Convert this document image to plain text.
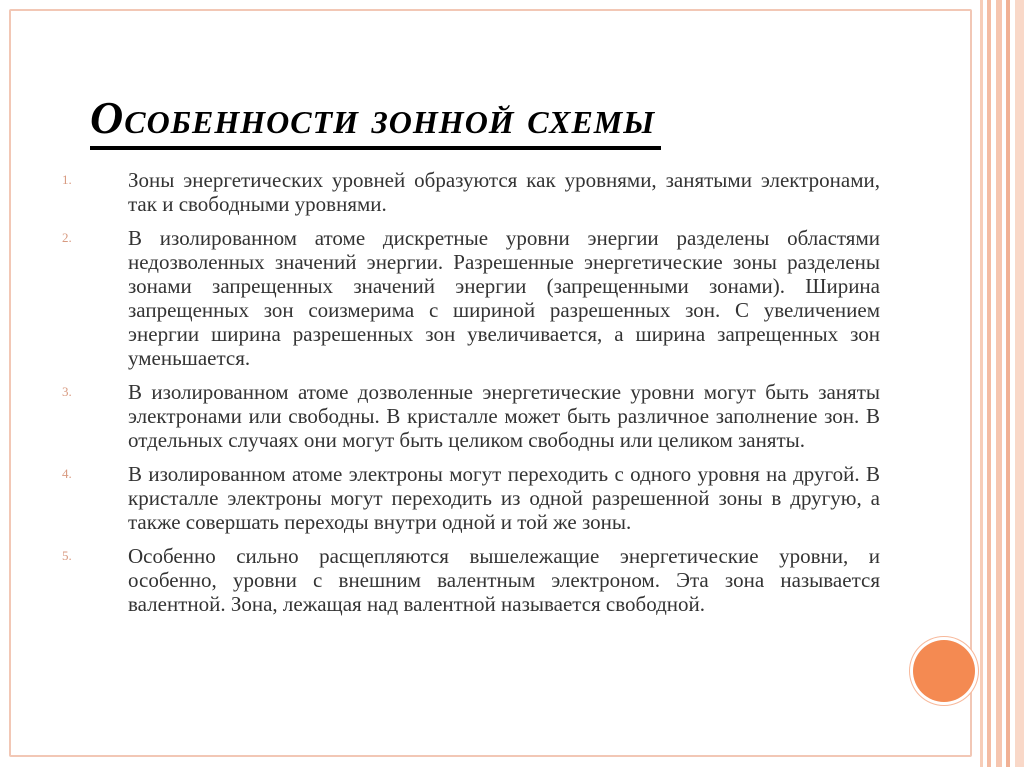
Особенности зонной схемы
1.	Зоны энергетических уровней образуются как уровнями, занятыми электронами, так и свободными уровнями.
2.	В изолированном атоме дискретные уровни энергии разделены областями недозволенных значений энергии. Разрешенные энергетические зоны разделены зонами запрещенных значений энергии (запрещенными зонами). Ширина запрещенных зон соизмерима с шириной разрешенных зон. С увеличением энергии ширина разрешенных зон увеличивается, а ширина запрещенных зон уменьшается.
3.	В изолированном атоме дозволенные энергетические уровни могут быть заняты электронами или свободны. В кристалле может быть различное заполнение зон. В отдельных случаях они могут быть целиком свободны или целиком заняты.
4.	В изолированном атоме электроны могут переходить с одного уровня на другой. В кристалле электроны могут переходить из одной разрешенной зоны в другую, а также совершать переходы внутри одной и той же зоны.
5.	Особенно сильно расщепляются вышележащие энергетические уровни, и особенно, уровни с внешним валентным электроном. Эта зона называется валентной. Зона, лежащая над валентной называется свободной.
